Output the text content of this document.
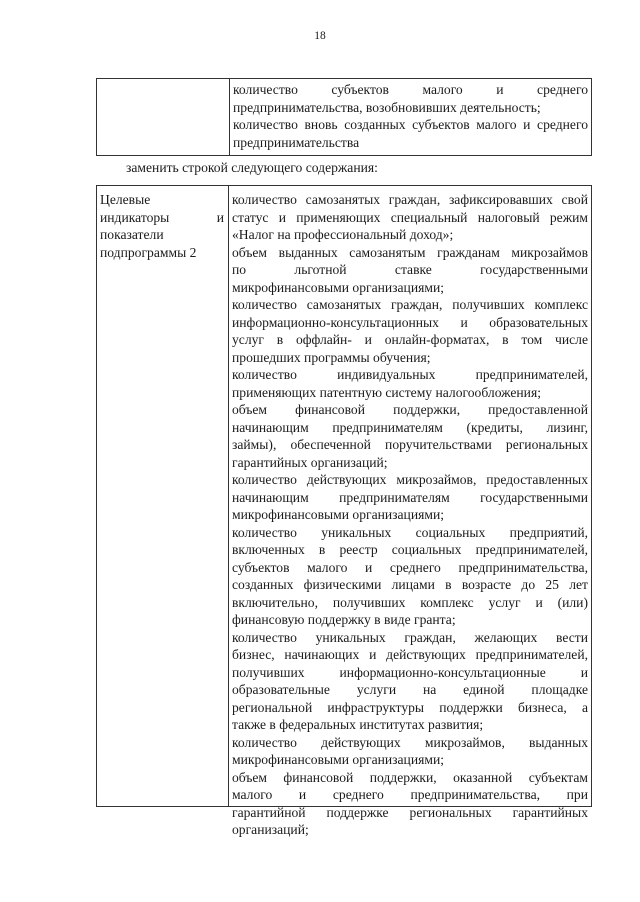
18
количество субъектов малого и среднего
предпринимательства, возобновивших деятельность;
количество вновь созданных субъектов малого и среднего
предпринимательства
заменить строкой следующего содержания:
Целевые
индикаторы и
показатели
подпрограммы 2
количество самозанятых граждан, зафиксировавших свой
статус и применяющих специальный налоговый режим
«Налог на профессиональный доход»;
объем выданных самозанятым гражданам микрозаймов
по льготной ставке государственными
микрофинансовыми организациями;
количество самозанятых граждан, получивших комплекс
информационно-консультационных и образовательных
услуг в оффлайн- и онлайн-форматах, в том числе
прошедших программы обучения;
количество индивидуальных предпринимателей,
применяющих патентную систему налогообложения;
объем финансовой поддержки, предоставленной
начинающим предпринимателям (кредиты, лизинг,
займы), обеспеченной поручительствами региональных
гарантийных организаций;
количество действующих микрозаймов, предоставленных
начинающим предпринимателям государственными
микрофинансовыми организациями;
количество уникальных социальных предприятий,
включенных в реестр социальных предпринимателей,
субъектов малого и среднего предпринимательства,
созданных физическими лицами в возрасте до 25 лет
включительно, получивших комплекс услуг и (или)
финансовую поддержку в виде гранта;
количество уникальных граждан, желающих вести
бизнес, начинающих и действующих предпринимателей,
получивших информационно-консультационные и
образовательные услуги на единой площадке
региональной инфраструктуры поддержки бизнеса, а
также в федеральных институтах развития;
количество действующих микрозаймов, выданных
микрофинансовыми организациями;
объем финансовой поддержки, оказанной субъектам
малого и среднего предпринимательства, при
гарантийной поддержке региональных гарантийных
организаций;
